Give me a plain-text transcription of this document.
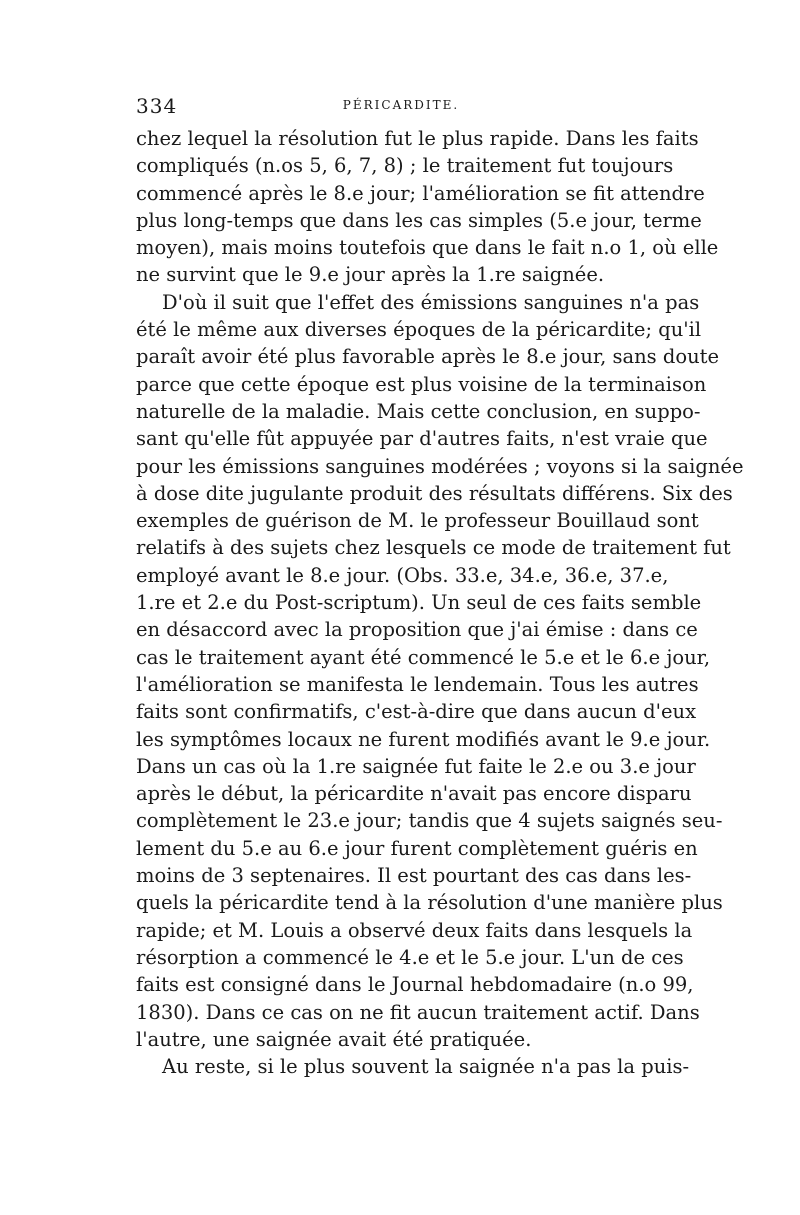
334	PÉRICARDITE.
chez lequel la résolution fut le plus rapide. Dans les faits
compliqués (n.os 5, 6, 7, 8) ; le traitement fut toujours
commencé après le 8.e jour; l'amélioration se fit attendre
plus long-temps que dans les cas simples (5.e jour, terme
moyen), mais moins toutefois que dans le fait n.o 1, où elle
ne survint que le 9.e jour après la 1.re saignée.
D'où il suit que l'effet des émissions sanguines n'a pas
été le même aux diverses époques de la péricardite; qu'il
paraît avoir été plus favorable après le 8.e jour, sans doute
parce que cette époque est plus voisine de la terminaison
naturelle de la maladie. Mais cette conclusion, en suppo-
sant qu'elle fût appuyée par d'autres faits, n'est vraie que
pour les émissions sanguines modérées ; voyons si la saignée
à dose dite jugulante produit des résultats différens. Six des
exemples de guérison de M. le professeur Bouillaud sont
relatifs à des sujets chez lesquels ce mode de traitement fut
employé avant le 8.e jour. (Obs. 33.e, 34.e, 36.e, 37.e,
1.re et 2.e du Post-scriptum). Un seul de ces faits semble
en désaccord avec la proposition que j'ai émise : dans ce
cas le traitement ayant été commencé le 5.e et le 6.e jour,
l'amélioration se manifesta le lendemain. Tous les autres
faits sont confirmatifs, c'est-à-dire que dans aucun d'eux
les symptômes locaux ne furent modifiés avant le 9.e jour.
Dans un cas où la 1.re saignée fut faite le 2.e ou 3.e jour
après le début, la péricardite n'avait pas encore disparu
complètement le 23.e jour; tandis que 4 sujets saignés seu-
lement du 5.e au 6.e jour furent complètement guéris en
moins de 3 septenaires. Il est pourtant des cas dans les-
quels la péricardite tend à la résolution d'une manière plus
rapide; et M. Louis a observé deux faits dans lesquels la
résorption a commencé le 4.e et le 5.e jour. L'un de ces
faits est consigné dans le Journal hebdomadaire (n.o 99,
1830). Dans ce cas on ne fit aucun traitement actif. Dans
l'autre, une saignée avait été pratiquée.
Au reste, si le plus souvent la saignée n'a pas la puis-
